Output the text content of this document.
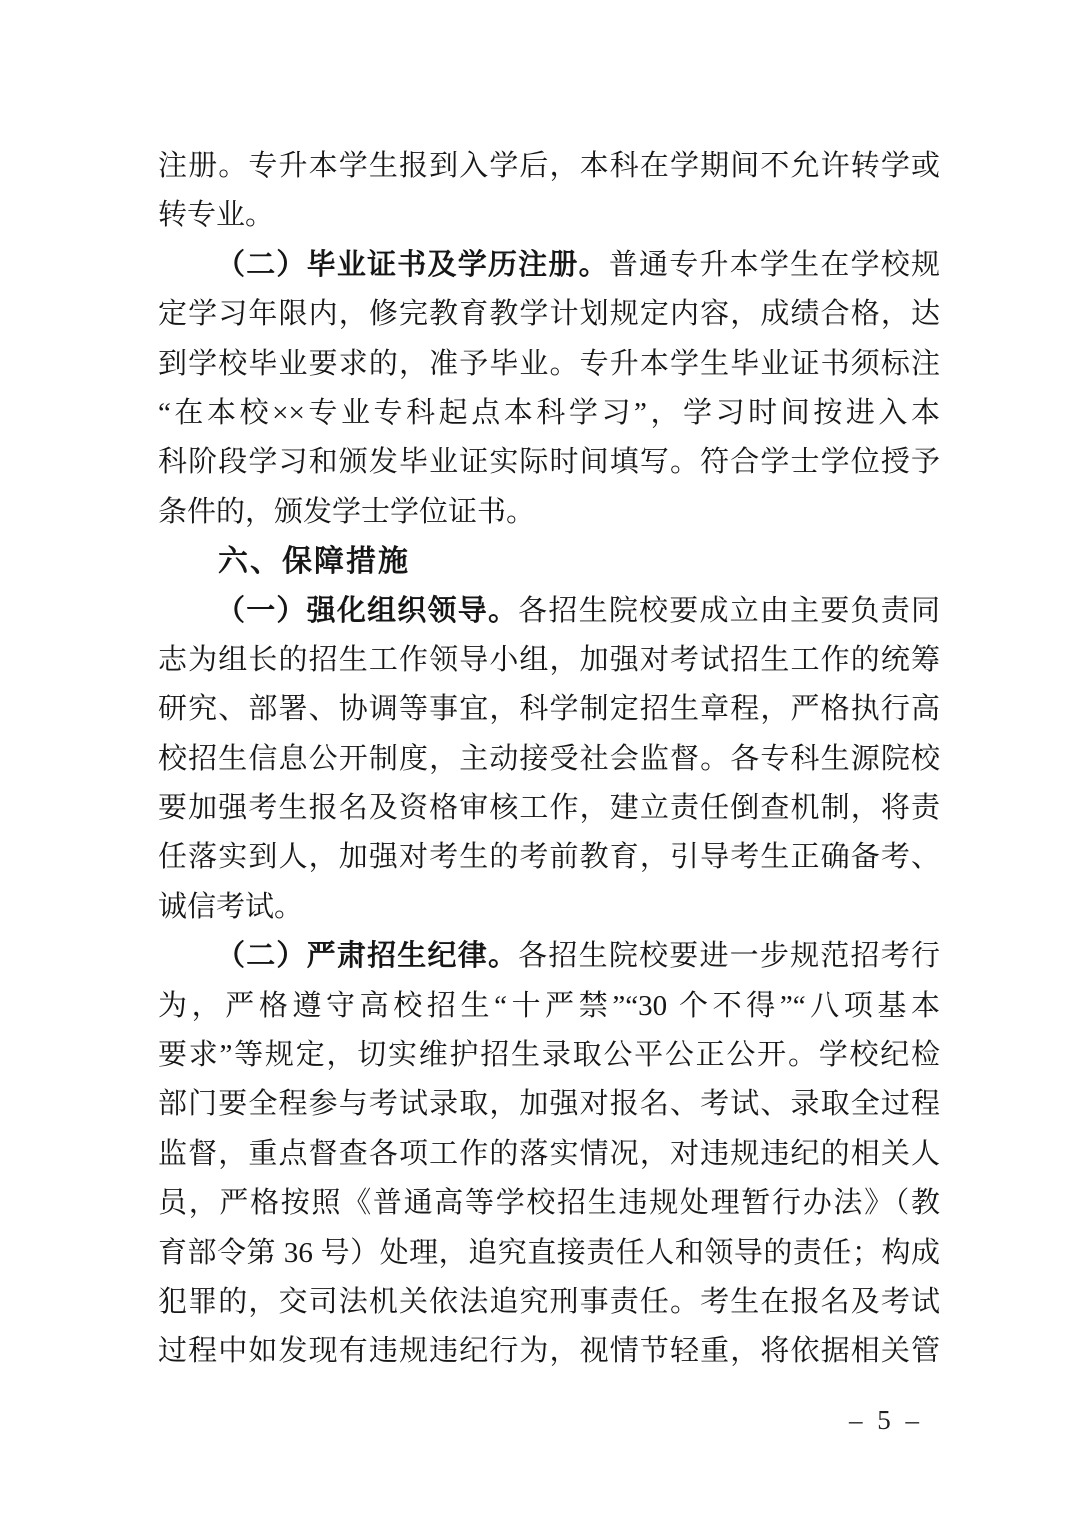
注册。专升本学生报到入学后，本科在学期间不允许转学或
转专业。
（二）毕业证书及学历注册。普通专升本学生在学校规
定学习年限内，修完教育教学计划规定内容，成绩合格，达
到学校毕业要求的，准予毕业。专升本学生毕业证书须标注
“在本校××专业专科起点本科学习”，学习时间按进入本
科阶段学习和颁发毕业证实际时间填写。符合学士学位授予
条件的，颁发学士学位证书。
六、保障措施
（一）强化组织领导。各招生院校要成立由主要负责同
志为组长的招生工作领导小组，加强对考试招生工作的统筹
研究、部署、协调等事宜，科学制定招生章程，严格执行高
校招生信息公开制度，主动接受社会监督。各专科生源院校
要加强考生报名及资格审核工作，建立责任倒查机制，将责
任落实到人，加强对考生的考前教育，引导考生正确备考、
诚信考试。
（二）严肃招生纪律。各招生院校要进一步规范招考行
为，严格遵守高校招生“十严禁”“30 个不得”“八项基本
要求”等规定，切实维护招生录取公平公正公开。学校纪检
部门要全程参与考试录取，加强对报名、考试、录取全过程
监督，重点督查各项工作的落实情况，对违规违纪的相关人
员，严格按照《普通高等学校招生违规处理暂行办法》（教
育部令第 36 号）处理，追究直接责任人和领导的责任；构成
犯罪的，交司法机关依法追究刑事责任。考生在报名及考试
过程中如发现有违规违纪行为，视情节轻重，将依据相关管
– 5 –
